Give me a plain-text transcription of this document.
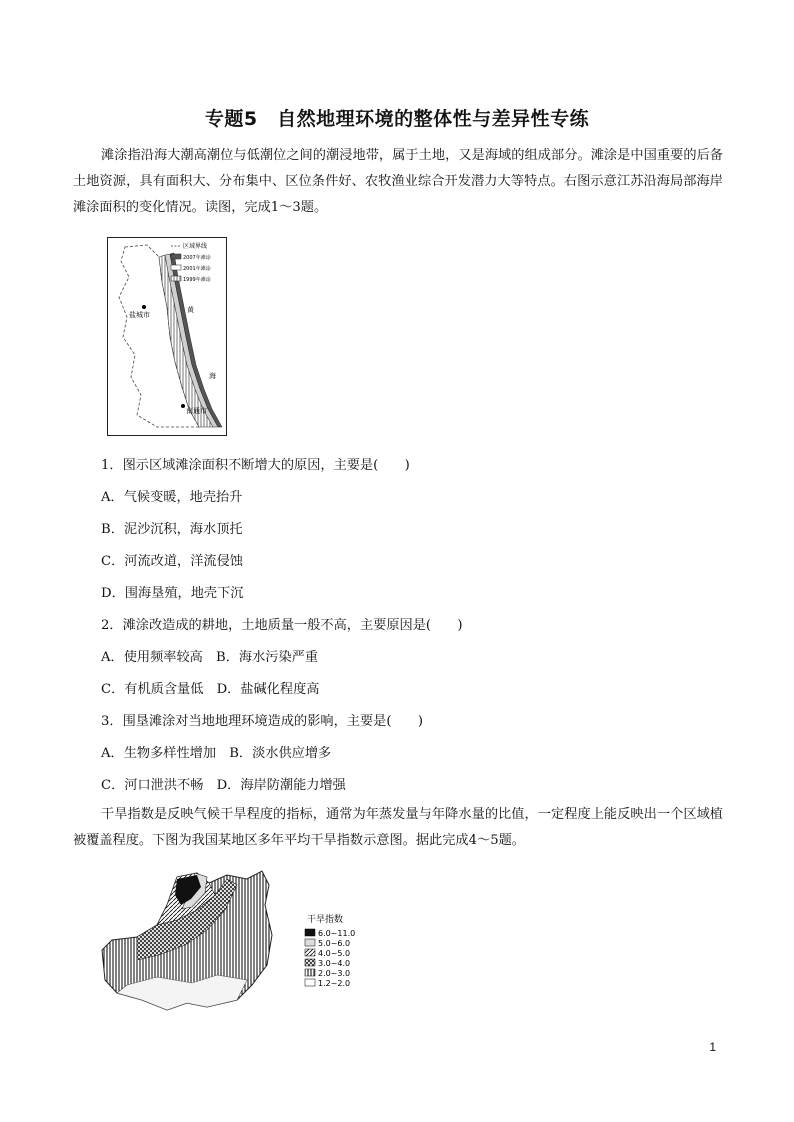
专题5　自然地理环境的整体性与差异性专练
滩涂指沿海大潮高潮位与低潮位之间的潮浸地带，属于土地，又是海域的组成部分。滩涂是中国重要的后备土地资源，具有面积大、分布集中、区位条件好、农牧渔业综合开发潜力大等特点。右图示意江苏沿海局部海岸滩涂面积的变化情况。读图，完成1～3题。
区域界线
2007年滩涂
2001年滩涂
1999年滩涂
盐城市
南通市
黄
海
1．图示区域滩涂面积不断增大的原因，主要是(　　)
A．气候变暖，地壳抬升
B．泥沙沉积，海水顶托
C．河流改道，洋流侵蚀
D．围海垦殖，地壳下沉
2．滩涂改造成的耕地，土地质量一般不高，主要原因是(　　)
A．使用频率较高　B．海水污染严重
C．有机质含量低　D．盐碱化程度高
3．围垦滩涂对当地地理环境造成的影响，主要是(　　)
A．生物多样性增加　B．淡水供应增多
C．河口泄洪不畅　D．海岸防潮能力增强
干旱指数是反映气候干旱程度的指标，通常为年蒸发量与年降水量的比值，一定程度上能反映出一个区域植被覆盖程度。下图为我国某地区多年平均干旱指数示意图。据此完成4～5题。
干旱指数
6.0~11.0
5.0~6.0
4.0~5.0
3.0~4.0
2.0~3.0
1.2~2.0
1
